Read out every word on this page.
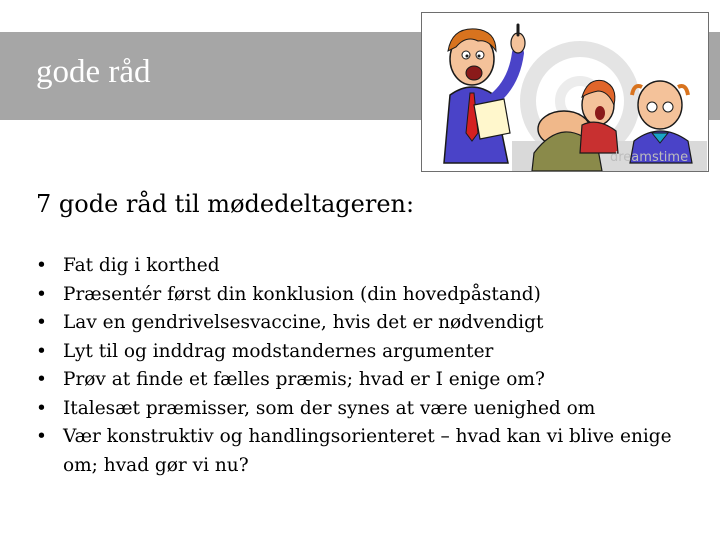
gode råd
dreamstime
7 gode råd til mødedeltageren:
• Fat dig i korthed
• Præsentér først din konklusion (din hovedpåstand)
• Lav en gendrivelsesvaccine, hvis det er nødvendigt
• Lyt til og inddrag modstandernes argumenter
• Prøv at finde et fælles præmis; hvad er I enige om?
• Italesæt præmisser, som der synes at være uenighed om
• Vær konstruktiv og handlingsorienteret – hvad kan vi blive enige om; hvad gør vi nu?
